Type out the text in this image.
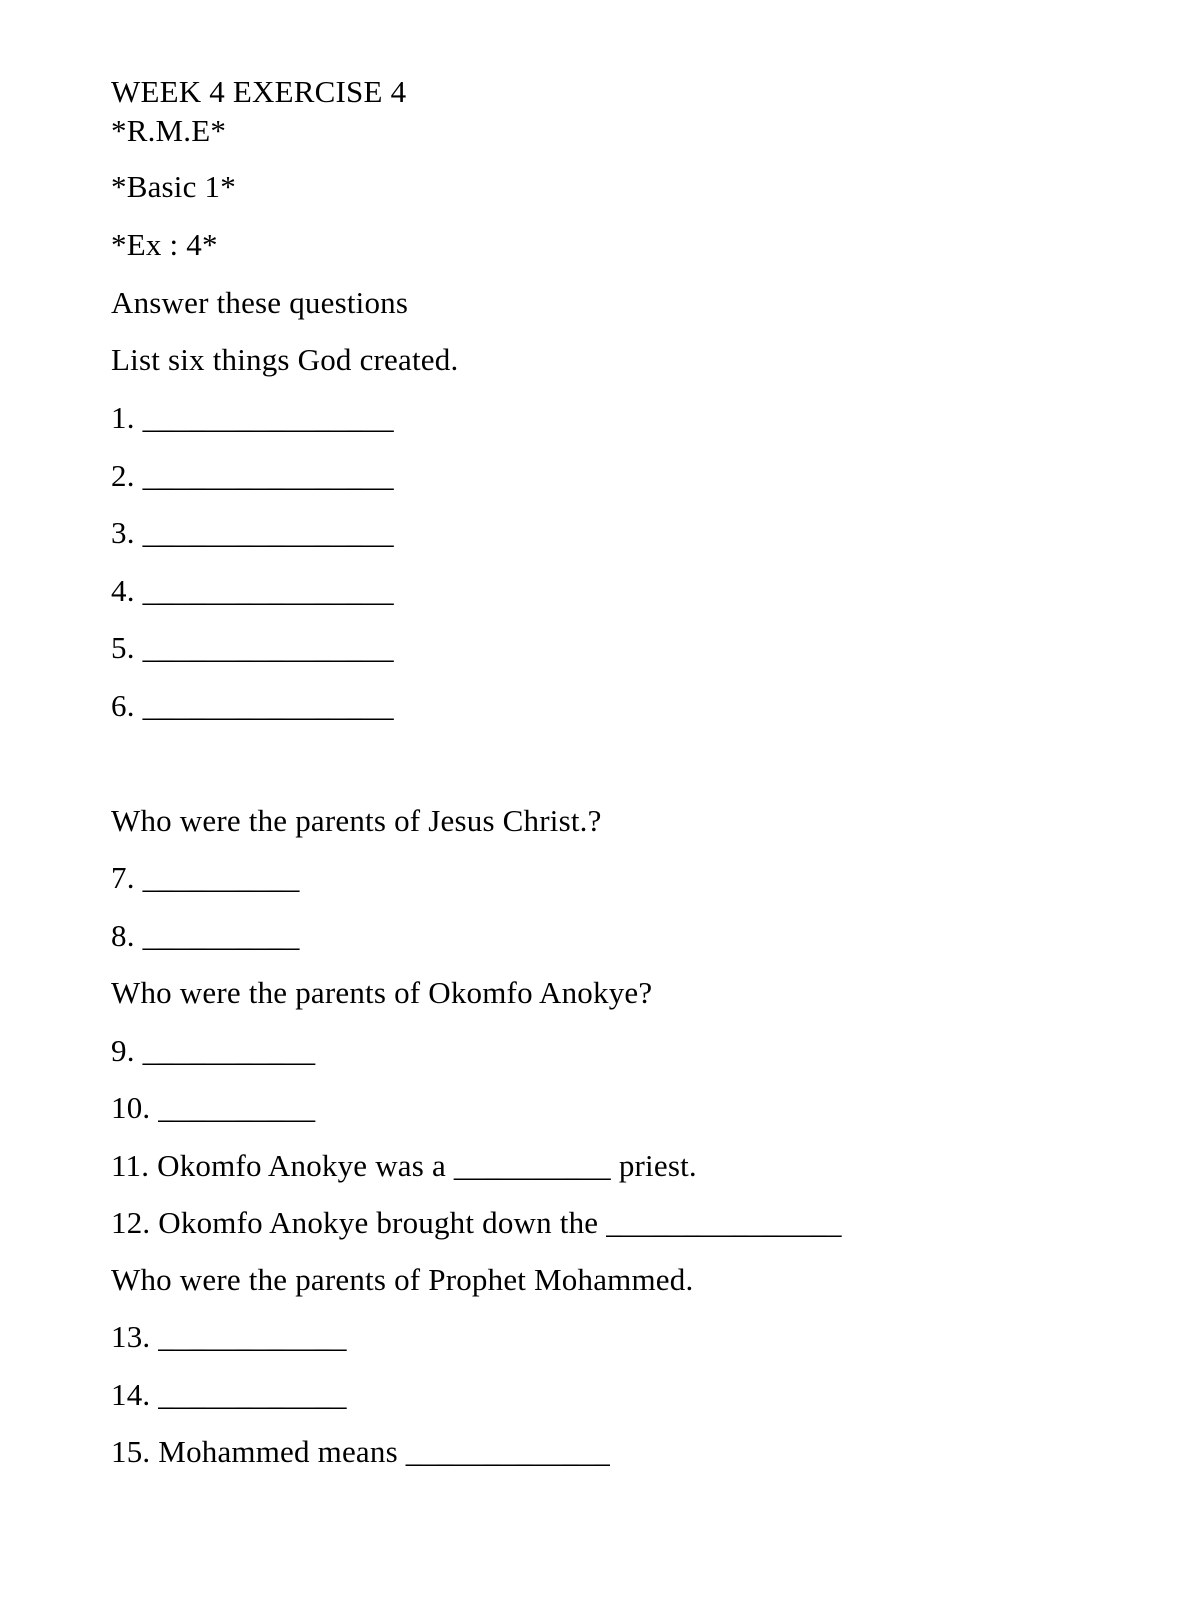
WEEK 4 EXERCISE 4
*R.M.E*
*Basic 1*
*Ex : 4*
Answer these questions
List six things God created.
1. ________________
2. ________________
3. ________________
4. ________________
5. ________________
6. ________________
Who were the parents of Jesus Christ.?
7. __________
8. __________
Who were the parents of Okomfo Anokye?
9. ___________
10. __________
11. Okomfo Anokye was a __________ priest.
12. Okomfo Anokye brought down the _______________
Who were the parents of Prophet Mohammed.
13. ____________
14. ____________
15. Mohammed means _____________
